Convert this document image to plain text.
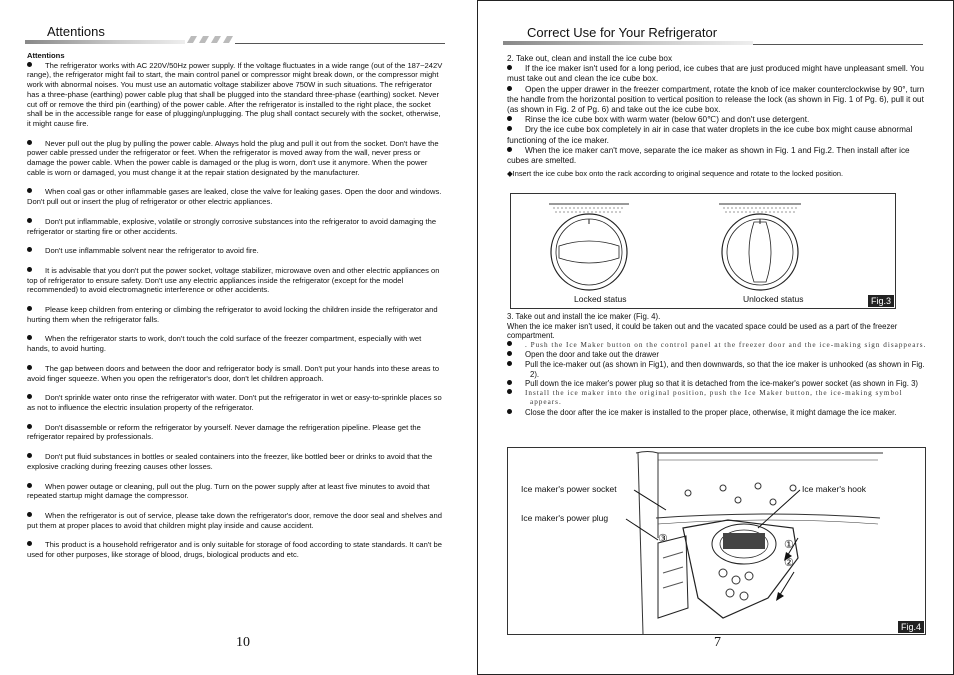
Attentions

Attentions

The refrigerator works with AC 220V/50Hz power supply. If the voltage fluctuates in a wide range (out of the 187~242V range), the refrigerator might fail to start, the main control panel or compressor might break down, or the compressor might work with abnormal noises. You must use an automatic voltage stabilizer above 750W in such situations. The refrigerator has a three-phase (earthing) power cable plug that shall be plugged into the standard three-phase (earthing) socket. Never cut off or remove the third pin (earthing) of the power cable. After the refrigerator is installed to the right place, the socket shall be in the accessible range for ease of plugging/unplugging. The plug shall contact securely with the socket, otherwise, it might cause fire.

Never pull out the plug by pulling the power cable. Always hold the plug and pull it out from the socket. Don't have the power cable pressed under the refrigerator or feet. When the refrigerator is moved away from the wall, never press or damage the power cable. When the power cable is damaged or the plug is worn, don't use it anymore. When the power cable is worn or damaged, you must change it at the repair station designated by the manufacturer.

When coal gas or other inflammable gases are leaked, close the valve for leaking gases. Open the door and windows. Don't pull out or insert the plug of refrigerator or other electric appliances.

Don't put inflammable, explosive, volatile or strongly corrosive substances into the refrigerator to avoid damaging the refrigerator or starting fire or other accidents.

Don't use inflammable solvent near the refrigerator to avoid fire.

It is advisable that you don't put the power socket, voltage stabilizer, microwave oven and other electric appliances on top of refrigerator to ensure safety. Don't use any electric appliances inside the refrigerator (except for the model recommended) to avoid electromagnetic interference or other accidents.

Please keep children from entering or climbing the refrigerator to avoid locking the children inside the refrigerator and hurting them when the refrigerator falls.

When the refrigerator starts to work, don't touch the cold surface of the freezer compartment, especially with wet hands, to avoid hurting.

The gap between doors and between the door and refrigerator body is small. Don't put your hands into these areas to avoid finger squeeze. When you open the refrigerator's door, don't let children approach.

Don't sprinkle water onto rinse the refrigerator with water. Don't put the refrigerator in wet or easy-to-sprinkle places so as not to influence the electric insulation property of the refrigerator.

Don't disassemble or reform the refrigerator by yourself. Never damage the refrigeration pipeline. Please get the refrigerator repaired by professionals.

Don't put fluid substances in bottles or sealed containers into the freezer, like bottled beer or drinks to avoid that the explosive cracking during freezing causes other losses.

When power outage or cleaning, pull out the plug. Turn on the power supply after at least five minutes to avoid that repeated startup might damage the compressor.

When the refrigerator is out of service, please take down the refrigerator's door, remove the door seal and shelves and put them at proper places to avoid that children might play inside and cause accident.

This product is a household refrigerator and is only suitable for storage of food according to state standards. It can't be used for other purposes, like storage of blood, drugs, biological products and etc.

10
Correct Use for Your Refrigerator

2. Take out, clean and install the ice cube box

If the ice maker isn't used for a long period, ice cubes that are just produced might have unpleasant smell. You must take out and clean the ice cube box.

Open the upper drawer in the freezer compartment, rotate the knob of ice maker counterclockwise by 90°, turn the handle from the horizontal position to vertical position to release the lock (as shown in Fig. 1 of Pg. 6), pull it out (as shown in Fig. 2 of Pg. 6) and take out the ice cube box.

Rinse the ice cube box with warm water (below 60℃) and don't use detergent.

Dry the ice cube box completely in air in case that water droplets in the ice cube box might cause abnormal functioning of the ice maker.

When the ice maker can't move, separate the ice maker as shown in Fig. 1 and Fig.2. Then install after ice cubes are smelted.

◆Insert the ice cube box onto the rack according to original sequence and rotate to the locked position.

Locked status	Unlocked status	Fig.3

3. Take out and install the ice maker (Fig. 4).

When the ice maker isn't used, it could be taken out and the vacated space could be used as a part of the freezer compartment.

. Push the Ice Maker button on the control panel at the freezer door and the ice-making sign disappears.

Open the door and take out the drawer

Pull the ice-maker out (as shown in Fig1), and then downwards, so that the ice maker is unhooked (as shown in Fig. 2).

Pull down the ice maker's power plug so that it is detached from the ice-maker's power socket (as shown in Fig. 3)

Install the ice maker into the original position, push the Ice Maker button, the ice-making symbol appears.

Close the door after the ice maker is installed to the proper place, otherwise, it might damage the ice maker.

Ice maker's power socket
Ice maker's power plug
Ice maker's hook
①
②
③
Fig.4
7
